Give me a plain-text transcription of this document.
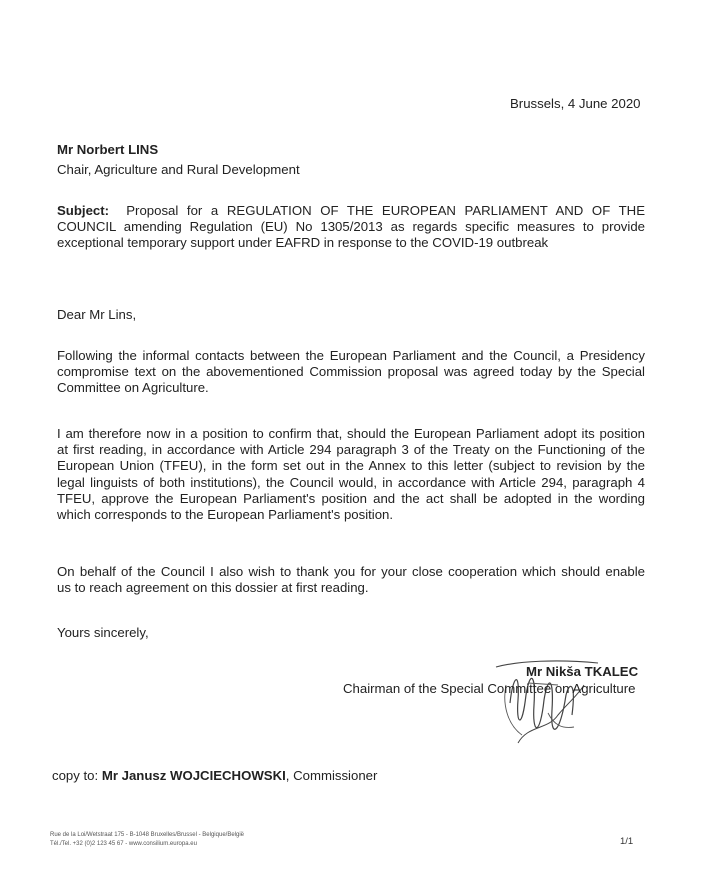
Brussels, 4 June 2020
Mr Norbert LINS
Chair, Agriculture and Rural Development
Subject: Proposal for a REGULATION OF THE EUROPEAN PARLIAMENT AND OF THE
COUNCIL amending Regulation (EU) No 1305/2013 as regards specific measures to provide
exceptional temporary support under EAFRD in response to the COVID-19 outbreak
Dear Mr Lins,
Following the informal contacts between the European Parliament and the Council, a Presidency
compromise text on the abovementioned Commission proposal was agreed today by the Special
Committee on Agriculture.
I am therefore now in a position to confirm that, should the European Parliament adopt its position
at first reading, in accordance with Article 294 paragraph 3 of the Treaty on the Functioning of the
European Union (TFEU), in the form set out in the Annex to this letter (subject to revision by the
legal linguists of both institutions), the Council would, in accordance with Article 294, paragraph 4
TFEU, approve the European Parliament's position and the act shall be adopted in the wording
which corresponds to the European Parliament's position.
On behalf of the Council I also wish to thank you for your close cooperation which should enable
us to reach agreement on this dossier at first reading.
Yours sincerely,
Mr Nikša TKALEC
Chairman of the Special Committee on Agriculture
copy to: Mr Janusz WOJCIECHOWSKI, Commissioner
Rue de la Loi/Wetstraat 175 - B-1048 Bruxelles/Brussel - Belgique/België
Tél./Tel. +32 (0)2 123 45 67 - www.consilium.europa.eu	1/1
